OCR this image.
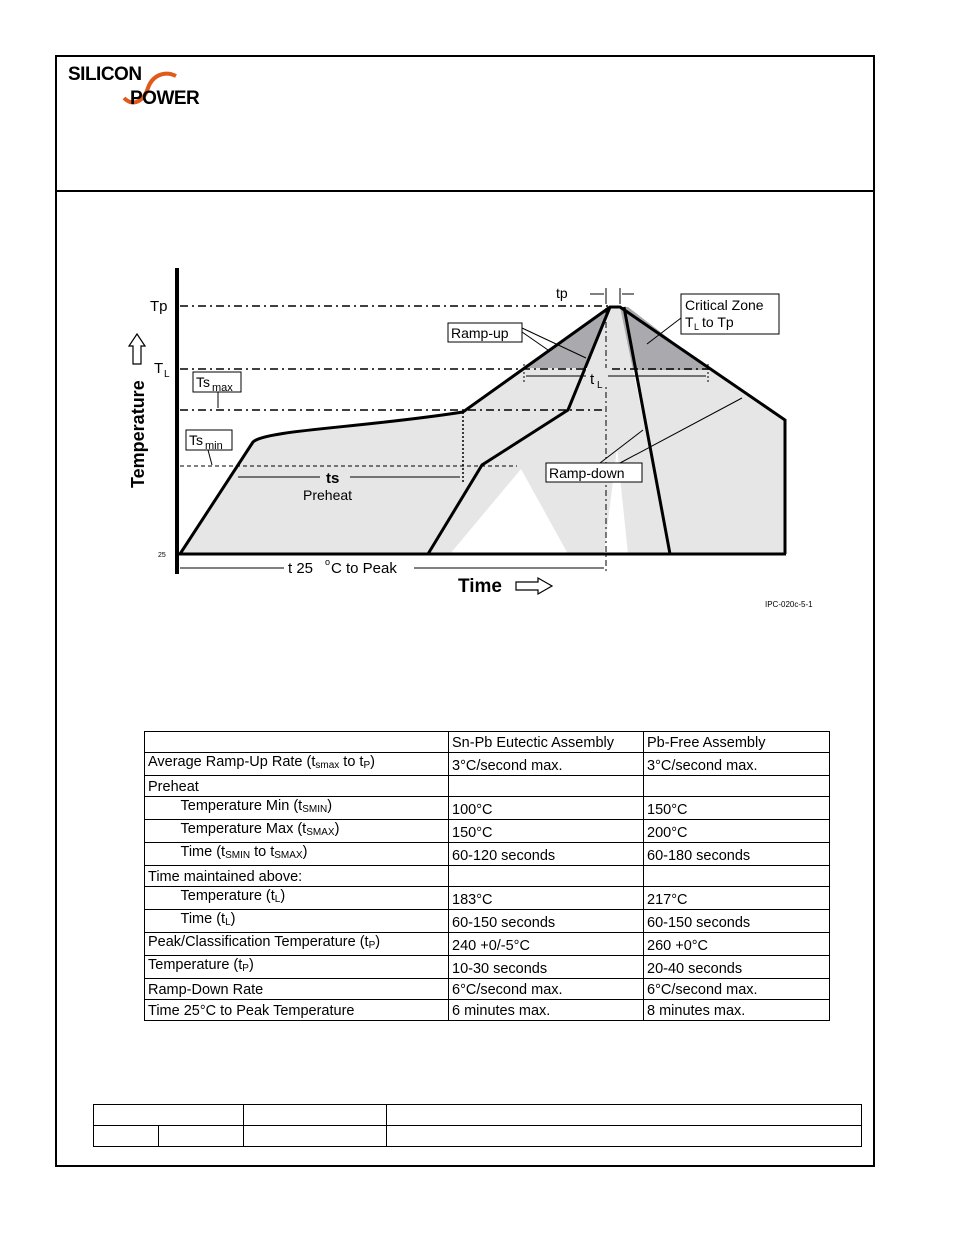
SILICON
POWER
Tp
T L Ts max
Ts min
25
Temperature
tp
Ramp-up
Critical Zone
T L to Tp
t L
Ramp-down
ts
Preheat
t 25 o C to Peak
Time
IPC-020c-5-1
		Sn-Pb Eutectic Assembly	Pb-Free Assembly
Average Ramp-Up Rate ($t_{smax}$ to $t_P$)		3°C/second max.	3°C/second max.
Preheat			
	Temperature Min $(t_{SMIN})$	100°C	150°C
	Temperature Max $(t_{SMAX})$	150°C	200°C
	Time ($t_{SMIN}$ to $t_{SMAX}$)	60-120 seconds	60-180 seconds
Time maintained above:			
	Temperature $(t_L)$	183°C	217°C
	Time $(t_L)$	60-150 seconds	60-150 seconds
Peak/Classification Temperature $(t_P)$		240 +0/-5°C	260 +0°C
Temperature $(t_P)$		10-30 seconds	20-40 seconds
Ramp-Down Rate		6°C/second max.	6°C/second max.
Time 25°C to Peak Temperature		6 minutes max.	8 minutes max.
